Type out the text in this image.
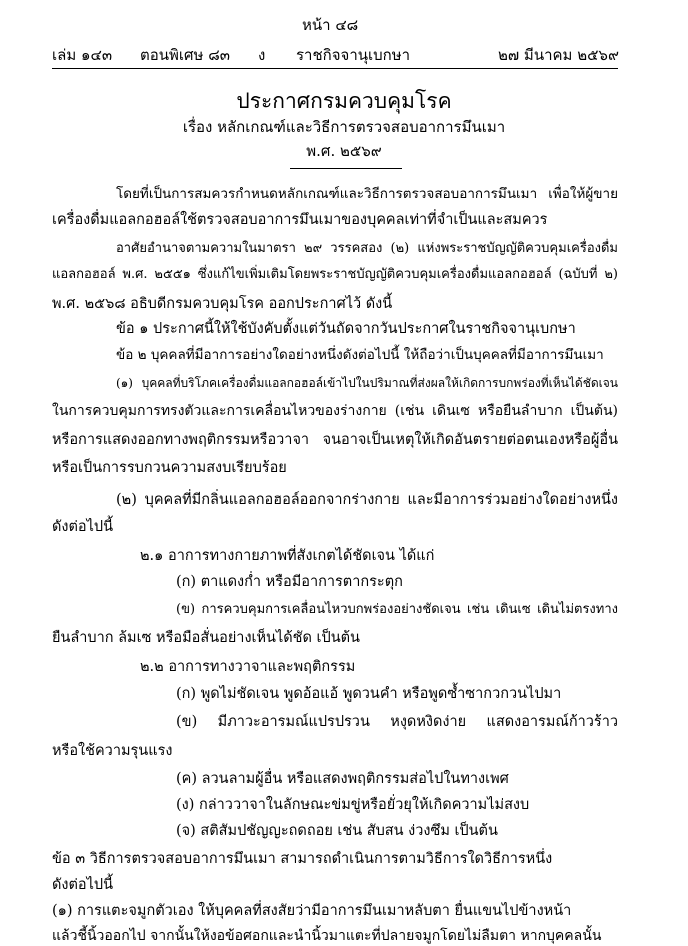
หน้า ๔๘
เล่ม ๑๔๓ ตอนพิเศษ ๘๓ ง ราชกิจจานุเบกษา	๒๗ มีนาคม ๒๕๖๙
ประกาศกรมควบคุมโรค
เรื่อง หลักเกณฑ์และวิธีการตรวจสอบอาการมึนเมา
พ.ศ. ๒๕๖๙
โดยที่เป็นการสมควรกำหนดหลักเกณฑ์และวิธีการตรวจสอบอาการมึนเมา เพื่อให้ผู้ขาย
เครื่องดื่มแอลกอฮอล์ใช้ตรวจสอบอาการมึนเมาของบุคคลเท่าที่จำเป็นและสมควร
อาศัยอำนาจตามความในมาตรา ๒๙ วรรคสอง (๒) แห่งพระราชบัญญัติควบคุมเครื่องดื่ม
แอลกอฮอล์ พ.ศ. ๒๕๕๑ ซึ่งแก้ไขเพิ่มเติมโดยพระราชบัญญัติควบคุมเครื่องดื่มแอลกอฮอล์ (ฉบับที่ ๒)
พ.ศ. ๒๕๖๘ อธิบดีกรมควบคุมโรค ออกประกาศไว้ ดังนี้
ข้อ ๑ ประกาศนี้ให้ใช้บังคับตั้งแต่วันถัดจากวันประกาศในราชกิจจานุเบกษา
ข้อ ๒ บุคคลที่มีอาการอย่างใดอย่างหนึ่งดังต่อไปนี้ ให้ถือว่าเป็นบุคคลที่มีอาการมึนเมา
(๑) บุคคลที่บริโภคเครื่องดื่มแอลกอฮอล์เข้าไปในปริมาณที่ส่งผลให้เกิดการบกพร่องที่เห็นได้ชัดเจน
ในการควบคุมการทรงตัวและการเคลื่อนไหวของร่างกาย (เช่น เดินเซ หรือยืนลำบาก เป็นต้น)
หรือการแสดงออกทางพฤติกรรมหรือวาจา จนอาจเป็นเหตุให้เกิดอันตรายต่อตนเองหรือผู้อื่น
หรือเป็นการรบกวนความสงบเรียบร้อย
(๒) บุคคลที่มีกลิ่นแอลกอฮอล์ออกจากร่างกาย และมีอาการร่วมอย่างใดอย่างหนึ่ง
ดังต่อไปนี้
๒.๑ อาการทางกายภาพที่สังเกตได้ชัดเจน ได้แก่
(ก) ตาแดงก่ำ หรือมีอาการตากระตุก
(ข) การควบคุมการเคลื่อนไหวบกพร่องอย่างชัดเจน เช่น เดินเซ เดินไม่ตรงทาง
ยืนลำบาก ล้มเซ หรือมือสั่นอย่างเห็นได้ชัด เป็นต้น
๒.๒ อาการทางวาจาและพฤติกรรม
(ก) พูดไม่ชัดเจน พูดอ้อแอ้ พูดวนคำ หรือพูดซ้ำซากวกวนไปมา
(ข) มีภาวะอารมณ์แปรปรวน หงุดหงิดง่าย แสดงอารมณ์ก้าวร้าว
หรือใช้ความรุนแรง
(ค) ลวนลามผู้อื่น หรือแสดงพฤติกรรมส่อไปในทางเพศ
(ง) กล่าววาจาในลักษณะข่มขู่หรือยั่วยุให้เกิดความไม่สงบ
(จ) สติสัมปชัญญะถดถอย เช่น สับสน ง่วงซึม เป็นต้น
ข้อ ๓ วิธีการตรวจสอบอาการมึนเมา สามารถดำเนินการตามวิธีการใดวิธีการหนึ่ง
ดังต่อไปนี้
(๑) การแตะจมูกตัวเอง ให้บุคคลที่สงสัยว่ามีอาการมึนเมาหลับตา ยื่นแขนไปข้างหน้า
แล้วชี้นิ้วออกไป จากนั้นให้งอข้อศอกและนำนิ้วมาแตะที่ปลายจมูกโดยไม่ลืมตา หากบุคคลนั้น
